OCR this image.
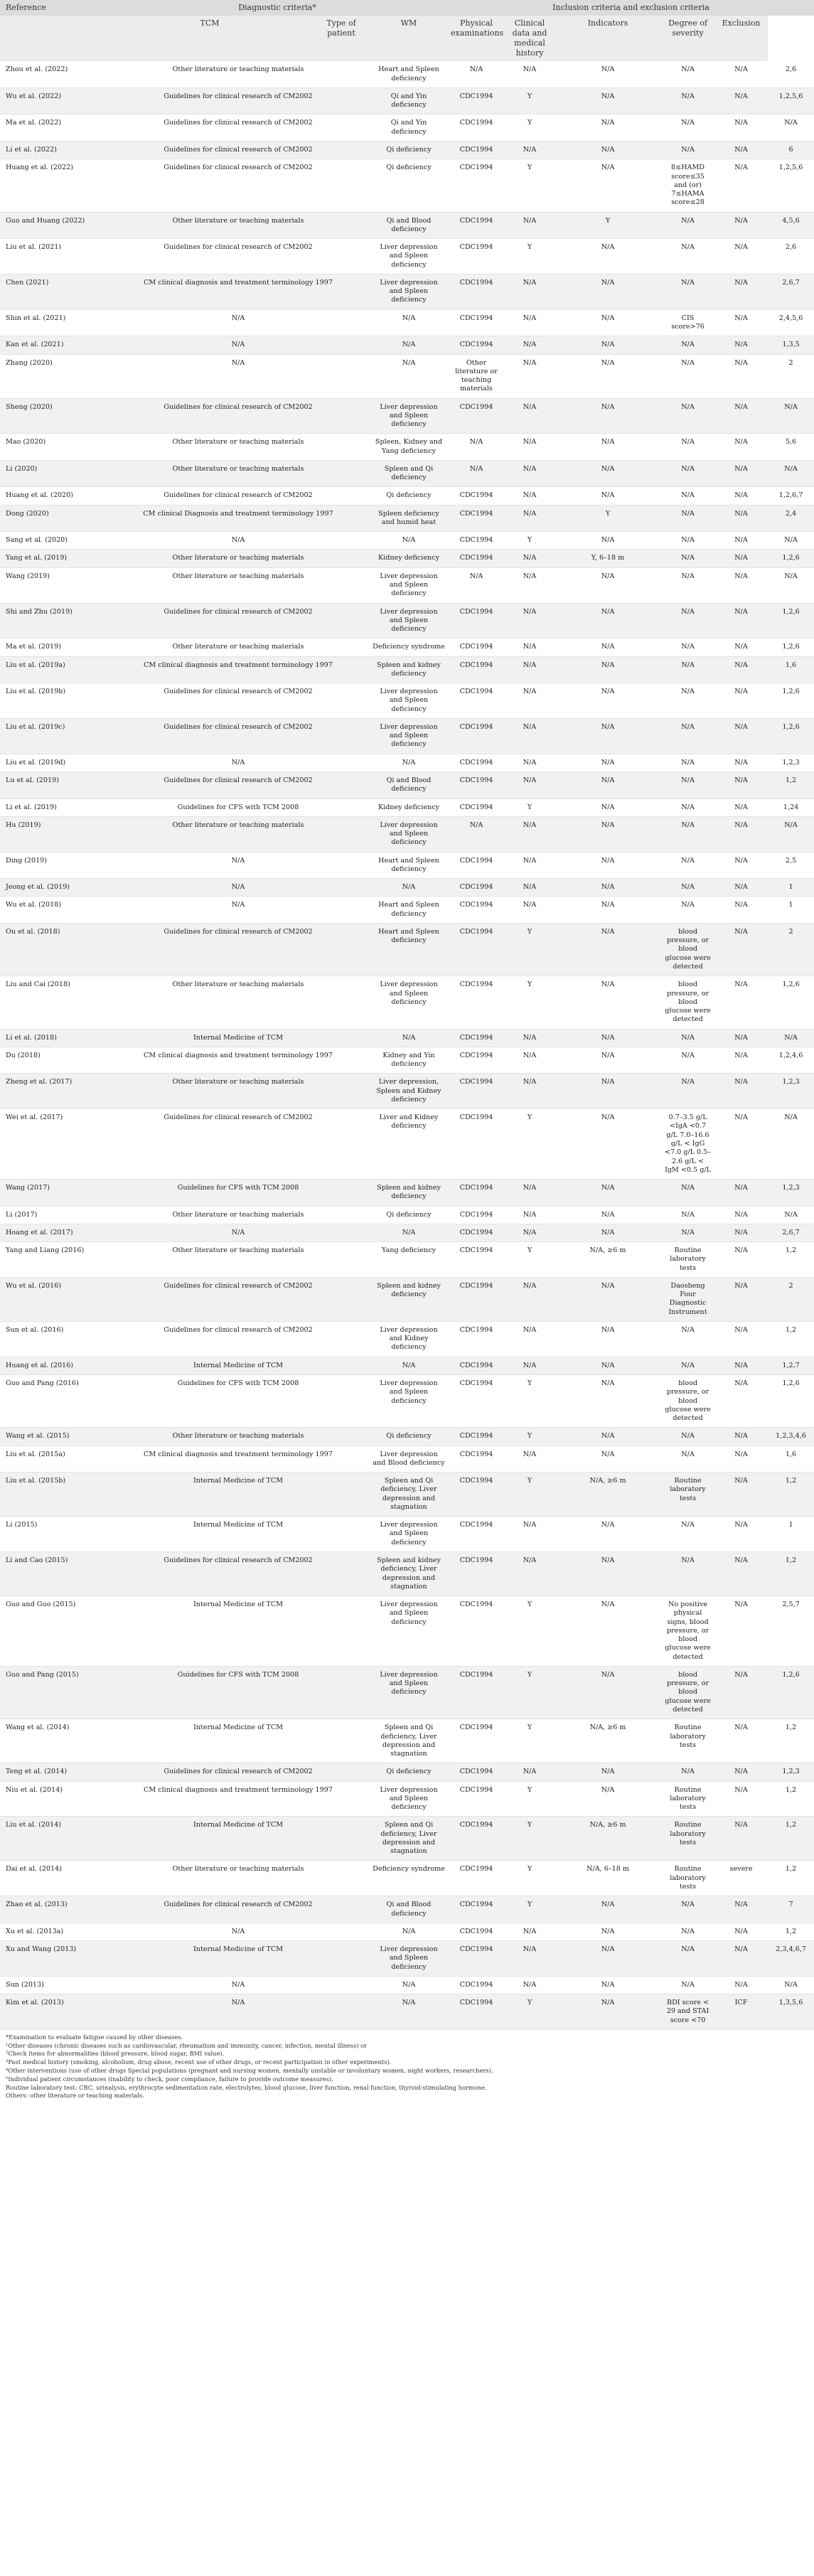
Reference	Diagnostic criteria*			Inclusion criteria and exclusion criteria					
	TCM	Type of patient	WM	Physical examinations	Clinical data and medical history	Indicators	Degree of severity	Exclusion	
Zhou et al. (2022)	Other literature or teaching materials		Heart and Spleen deficiency	N/A	N/A	N/A	N/A	N/A	2,6
Wu et al. (2022)	Guidelines for clinical research of CM2002		Qi and Yin deficiency	CDC1994	Y	N/A	N/A	N/A	1,2,5,6
Ma et al. (2022)	Guidelines for clinical research of CM2002		Qi and Yin deficiency	CDC1994	Y	N/A	N/A	N/A	N/A
Li et al. (2022)	Guidelines for clinical research of CM2002		Qi deficiency	CDC1994	N/A	N/A	N/A	N/A	6
Huang et al. (2022)	Guidelines for clinical research of CM2002		Qi deficiency	CDC1994	Y	N/A	8≤HAMD score≤35 and (or) 7≤HAMA score≤28	N/A	1,2,5,6
Guo and Huang (2022)	Other literature or teaching materials		Qi and Blood deficiency	CDC1994	N/A	Y	N/A	N/A	4,5,6
Liu et al. (2021)	Guidelines for clinical research of CM2002		Liver depression and Spleen deficiency	CDC1994	Y	N/A	N/A	N/A	2,6
Chen (2021)	CM clinical diagnosis and treatment terminology 1997		Liver depression and Spleen deficiency	CDC1994	N/A	N/A	N/A	N/A	2,6,7
Shin et al. (2021)	N/A		N/A	CDC1994	N/A	N/A	CIS score>76	N/A	2,4,5,6
Kan et al. (2021)	N/A		N/A	CDC1994	N/A	N/A	N/A	N/A	1,3,5
Zhang (2020)	N/A		N/A	Other literature or teaching materials	N/A	N/A	N/A	N/A	2
Sheng (2020)	Guidelines for clinical research of CM2002		Liver depression and Spleen deficiency	CDC1994	N/A	N/A	N/A	N/A	N/A
Mao (2020)	Other literature or teaching materials		Spleen, Kidney and Yang deficiency	N/A	N/A	N/A	N/A	N/A	5,6
Li (2020)	Other literature or teaching materials		Spleen and Qi deficiency	N/A	N/A	N/A	N/A	N/A	N/A
Huang et al. (2020)	Guidelines for clinical research of CM2002		Qi deficiency	CDC1994	N/A	N/A	N/A	N/A	1,2,6,7
Dong (2020)	CM clinical Diagnosis and treatment terminology 1997		Spleen deficiency and humid heat	CDC1994	N/A	Y	N/A	N/A	2,4
Sang et al. (2020)	N/A		N/A	CDC1994	Y	N/A	N/A	N/A	N/A
Yang et al. (2019)	Other literature or teaching materials		Kidney deficiency	CDC1994	N/A	Y, 6–18 m	N/A	N/A	1,2,6
Wang (2019)	Other literature or teaching materials		Liver depression and Spleen deficiency	N/A	N/A	N/A	N/A	N/A	N/A
Shi and Zhu (2019)	Guidelines for clinical research of CM2002		Liver depression and Spleen deficiency	CDC1994	N/A	N/A	N/A	N/A	1,2,6
Ma et al. (2019)	Other literature or teaching materials		Deficiency syndrome	CDC1994	N/A	N/A	N/A	N/A	1,2,6
Liu et al. (2019a)	CM clinical diagnosis and treatment terminology 1997		Spleen and kidney deficiency	CDC1994	N/A	N/A	N/A	N/A	1,6
Liu et al. (2019b)	Guidelines for clinical research of CM2002		Liver depression and Spleen deficiency	CDC1994	N/A	N/A	N/A	N/A	1,2,6
Liu et al. (2019c)	Guidelines for clinical research of CM2002		Liver depression and Spleen deficiency	CDC1994	N/A	N/A	N/A	N/A	1,2,6
Liu et al. (2019d)	N/A		N/A	CDC1994	N/A	N/A	N/A	N/A	1,2,3
Lu et al. (2019)	Guidelines for clinical research of CM2002		Qi and Blood deficiency	CDC1994	N/A	N/A	N/A	N/A	1,2
Li et al. (2019)	Guidelines for CFS with TCM 2008		Kidney deficiency	CDC1994	Y	N/A	N/A	N/A	1,24
Hu (2019)	Other literature or teaching materials		Liver depression and Spleen deficiency	N/A	N/A	N/A	N/A	N/A	N/A
Ding (2019)	N/A		Heart and Spleen deficiency	CDC1994	N/A	N/A	N/A	N/A	2,5
Jeong et al. (2019)	N/A		N/A	CDC1994	N/A	N/A	N/A	N/A	1
Wu et al. (2018)	N/A		Heart and Spleen deficiency	CDC1994	N/A	N/A	N/A	N/A	1
Ou et al. (2018)	Guidelines for clinical research of CM2002		Heart and Spleen deficiency	CDC1994	Y	N/A	blood pressure, or blood glucose were detected	N/A	2
Liu and Cai (2018)	Other literature or teaching materials		Liver depression and Spleen deficiency	CDC1994	Y	N/A	blood pressure, or blood glucose were detected	N/A	1,2,6
Li et al. (2018)	Internal Medicine of TCM		N/A	CDC1994	N/A	N/A	N/A	N/A	N/A
Du (2018)	CM clinical diagnosis and treatment terminology 1997		Kidney and Yin deficiency	CDC1994	N/A	N/A	N/A	N/A	1,2,4,6
Zheng et al. (2017)	Other literature or teaching materials		Liver depression, Spleen and Kidney deficiency	CDC1994	N/A	N/A	N/A	N/A	1,2,3
Wei et al. (2017)	Guidelines for clinical research of CM2002		Liver and Kidney deficiency	CDC1994	Y	N/A	0.7–3.5 g/L <IgA <0.7 g/L 7.0–16.6 g/L < IgG <7.0 g/L 0.5–2.6 g/L < IgM <0.5 g/L	N/A	N/A
Wang (2017)	Guidelines for CFS with TCM 2008		Spleen and kidney deficiency	CDC1994	N/A	N/A	N/A	N/A	1,2,3
Li (2017)	Other literature or teaching materials		Qi deficiency	CDC1994	N/A	N/A	N/A	N/A	N/A
Hoang et al. (2017)	N/A		N/A	CDC1994	N/A	N/A	N/A	N/A	2,6,7
Yang and Liang (2016)	Other literature or teaching materials		Yang deficiency	CDC1994	Y	N/A, ≥6 m	Routine laboratory tests	N/A	1,2
Wu et al. (2016)	Guidelines for clinical research of CM2002		Spleen and kidney deficiency	CDC1994	N/A	N/A	Daosheng Four Diagnostic Instrument	N/A	2
Sun et al. (2016)	Guidelines for clinical research of CM2002		Liver depression and Kidney deficiency	CDC1994	N/A	N/A	N/A	N/A	1,2
Huang et al. (2016)	Internal Medicine of TCM		N/A	CDC1994	N/A	N/A	N/A	N/A	1,2,7
Guo and Pang (2016)	Guidelines for CFS with TCM 2008		Liver depression and Spleen deficiency	CDC1994	Y	N/A	blood pressure, or blood glucose were detected	N/A	1,2,6
Wang et al. (2015)	Other literature or teaching materials		Qi deficiency	CDC1994	Y	N/A	N/A	N/A	1,2,3,4,6
Liu et al. (2015a)	CM clinical diagnosis and treatment terminology 1997		Liver depression and Blood deficiency	CDC1994	N/A	N/A	N/A	N/A	1,6
Liu et al. (2015b)	Internal Medicine of TCM		Spleen and Qi deficiency, Liver depression and stagnation	CDC1994	Y	N/A, ≥6 m	Routine laboratory tests	N/A	1,2
Li (2015)	Internal Medicine of TCM		Liver depression and Spleen deficiency	CDC1994	N/A	N/A	N/A	N/A	1
Li and Cao (2015)	Guidelines for clinical research of CM2002		Spleen and kidney deficiency, Liver depression and stagnation	CDC1994	N/A	N/A	N/A	N/A	1,2
Guo and Guo (2015)	Internal Medicine of TCM		Liver depression and Spleen deficiency	CDC1994	Y	N/A	No positive physical signs, blood pressure, or blood glucose were detected	N/A	2,5,7
Guo and Pang (2015)	Guidelines for CFS with TCM 2008		Liver depression and Spleen deficiency	CDC1994	Y	N/A	blood pressure, or blood glucose were detected	N/A	1,2,6
Wang et al. (2014)	Internal Medicine of TCM		Spleen and Qi deficiency, Liver depression and stagnation	CDC1994	Y	N/A, ≥6 m	Routine laboratory tests	N/A	1,2
Teng et al. (2014)	Guidelines for clinical research of CM2002		Qi deficiency	CDC1994	N/A	N/A	N/A	N/A	1,2,3
Niu et al. (2014)	CM clinical diagnosis and treatment terminology 1997		Liver depression and Spleen deficiency	CDC1994	Y	N/A	Routine laboratory tests	N/A	1,2
Liu et al. (2014)	Internal Medicine of TCM		Spleen and Qi deficiency, Liver depression and stagnation	CDC1994	Y	N/A, ≥6 m	Routine laboratory tests	N/A	1,2
Dai et al. (2014)	Other literature or teaching materials		Deficiency syndrome	CDC1994	Y	N/A, 6–18 m	Routine laboratory tests	severe	1,2
Zhao et al. (2013)	Guidelines for clinical research of CM2002		Qi and Blood deficiency	CDC1994	Y	N/A	N/A	N/A	7
Xu et al. (2013a)	N/A		N/A	CDC1994	N/A	N/A	N/A	N/A	1,2
Xu and Wang (2013)	Internal Medicine of TCM		Liver depression and Spleen deficiency	CDC1994	N/A	N/A	N/A	N/A	2,3,4,6,7
Sun (2013)	N/A		N/A	CDC1994	N/A	N/A	N/A	N/A	N/A
Kim et al. (2013)	N/A		N/A	CDC1994	Y	N/A	BDI score < 29 and STAI score <70	ICF	1,3,5,6
*Examination to evaluate fatigue caused by other diseases.
¹Other diseases (chronic diseases such as cardiovascular, rheumatism and immunity, cancer, infection, mental illness) or
²Check items for abnormalities (blood pressure, blood sugar, BMI value).
³Past medical history (smoking, alcoholism, drug abuse, recent use of other drugs, or recent participation in other experiments).
⁴Other interventions (use of other drugs Special populations (pregnant and nursing women, mentally unstable or involuntary women, night workers, researchers).
⁵Individual patient circumstances (inability to check, poor compliance, failure to provide outcome measures).
Routine laboratory test: CBC, urinalysis, erythrocyte sedimentation rate, electrolytes, blood glucose, liver function, renal function, thyroid-stimulating hormone.
Others: other literature or teaching materials.
